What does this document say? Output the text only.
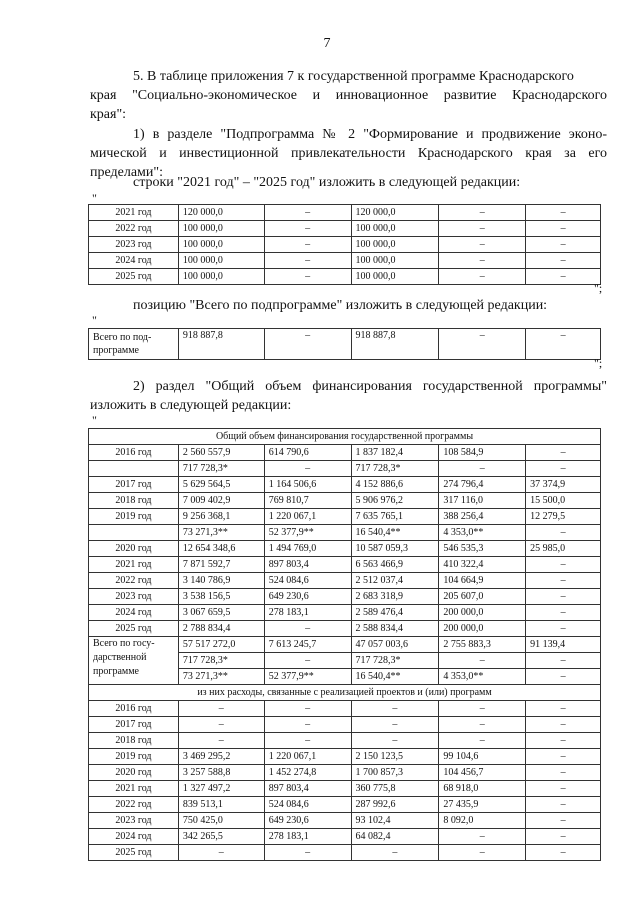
7
5. В таблице приложения 7 к государственной программе Краснодарского
края "Социально-экономическое и инновационное развитие Краснодарского
края":
1) в разделе "Подпрограмма № 2 "Формирование и продвижение эконо-
мической и инвестиционной привлекательности Краснодарского края за его
пределами":
строки "2021 год" – "2025 год" изложить в следующей редакции:
"
2021 год	120 000,0	–	120 000,0	–	–
2022 год	100 000,0	–	100 000,0	–	–
2023 год	100 000,0	–	100 000,0	–	–
2024 год	100 000,0	–	100 000,0	–	–
2025 год	100 000,0	–	100 000,0	–	–
";
позицию "Всего по подпрограмме" изложить в следующей редакции:
"
Всего по под-
программе
	918 887,8	–	918 887,8	–	–
";
2) раздел "Общий объем финансирования государственной программы"
изложить в следующей редакции:
"
Общий объем финансирования государственной программы					
2016 год	2 560 557,9	614 790,6	1 837 182,4	108 584,9	–
	717 728,3*	–	717 728,3*	–	–
2017 год	5 629 564,5	1 164 506,6	4 152 886,6	274 796,4	37 374,9
2018 год	7 009 402,9	769 810,7	5 906 976,2	317 116,0	15 500,0
2019 год	9 256 368,1	1 220 067,1	7 635 765,1	388 256,4	12 279,5
	73 271,3**	52 377,9**	16 540,4**	4 353,0**	–
2020 год	12 654 348,6	1 494 769,0	10 587 059,3	546 535,3	25 985,0
2021 год	7 871 592,7	897 803,4	6 563 466,9	410 322,4	–
2022 год	3 140 786,9	524 084,6	2 512 037,4	104 664,9	–
2023 год	3 538 156,5	649 230,6	2 683 318,9	205 607,0	–
2024 год	3 067 659,5	278 183,1	2 589 476,4	200 000,0	–
2025 год	2 788 834,4	–	2 588 834,4	200 000,0	–

Всего по госу-
дарственной
программе	57 517 272,0	7 613 245,7	47 057 003,6	2 755 883,3	91 139,4
	717 728,3*	–	717 728,3*	–	–
	73 271,3**	52 377,9**	16 540,4**	4 353,0**	–
из них расходы, связанные с реализацией проектов и (или) программ					
2016 год	–	–	–	–	–
2017 год	–	–	–	–	–
2018 год	–	–	–	–	–
2019 год	3 469 295,2	1 220 067,1	2 150 123,5	99 104,6	–
2020 год	3 257 588,8	1 452 274,8	1 700 857,3	104 456,7	–
2021 год	1 327 497,2	897 803,4	360 775,8	68 918,0	–
2022 год	839 513,1	524 084,6	287 992,6	27 435,9	–
2023 год	750 425,0	649 230,6	93 102,4	8 092,0	–
2024 год	342 265,5	278 183,1	64 082,4	–	–
2025 год	–	–	–	–	–
